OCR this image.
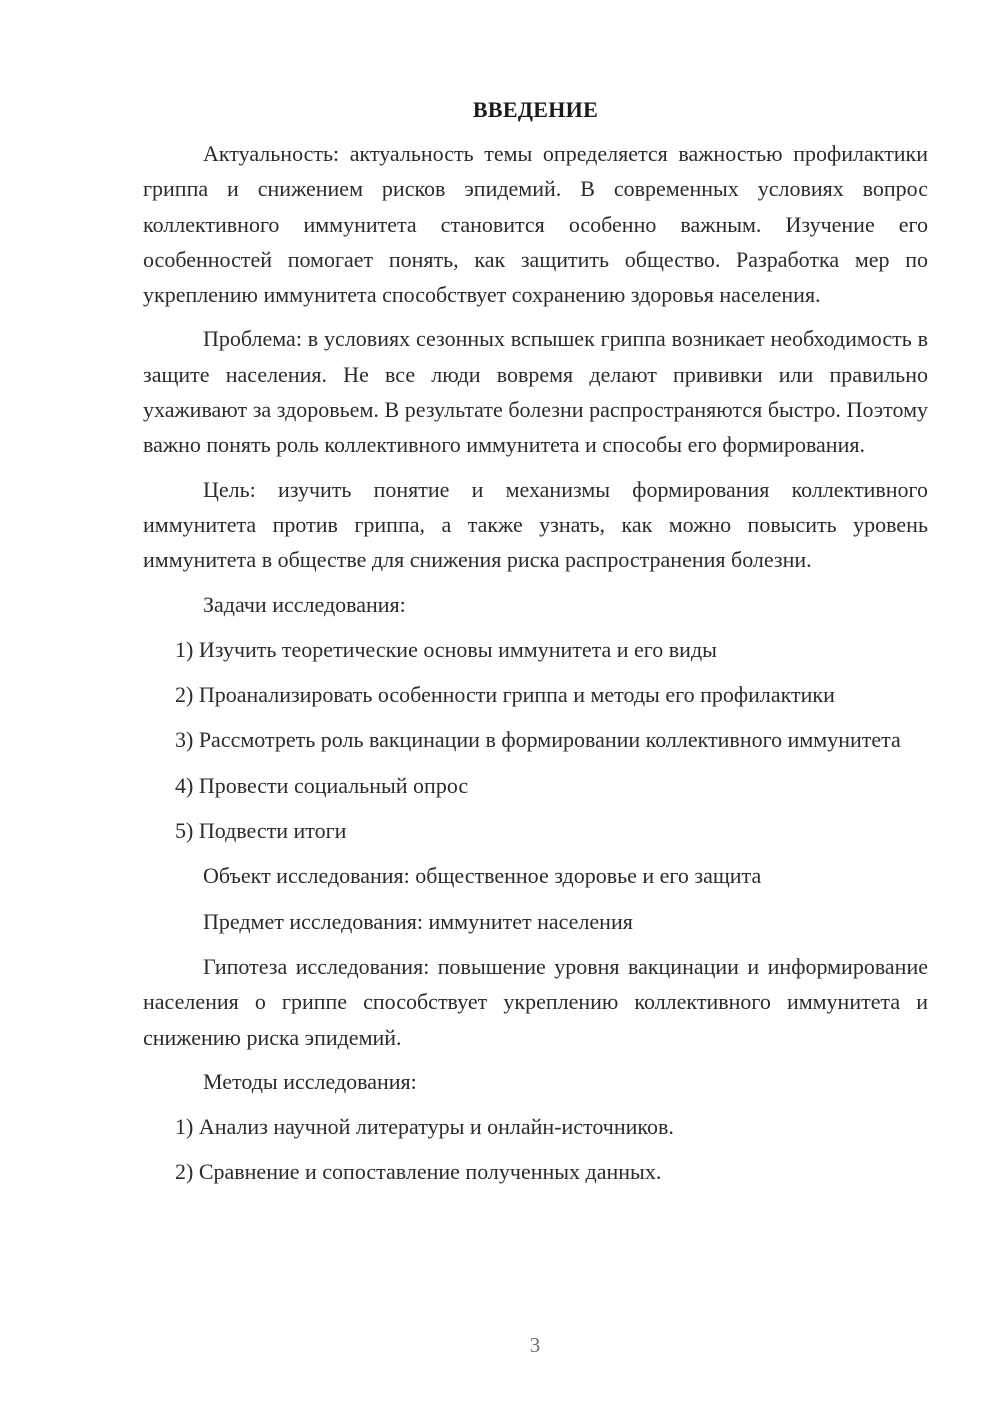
ВВЕДЕНИЕ

Актуальность: актуальность темы определяется важностью профилактики гриппа и снижением рисков эпидемий. В современных условиях вопрос коллективного иммунитета становится особенно важным. Изучение его особенностей помогает понять, как защитить общество. Разработка мер по укреплению иммунитета способствует сохранению здоровья населения.

Проблема: в условиях сезонных вспышек гриппа возникает необходимость в защите населения. Не все люди вовремя делают прививки или правильно ухаживают за здоровьем. В результате болезни распространяются быстро. Поэтому важно понять роль коллективного иммунитета и способы его формирования.

Цель: изучить понятие и механизмы формирования коллективного иммунитета против гриппа, а также узнать, как можно повысить уровень иммунитета в обществе для снижения риска распространения болезни.

Задачи исследования:

1) Изучить теоретические основы иммунитета и его виды

2) Проанализировать особенности гриппа и методы его профилактики

3) Рассмотреть роль вакцинации в формировании коллективного иммунитета

4) Провести социальный опрос

5) Подвести итоги

Объект исследования: общественное здоровье и его защита

Предмет исследования: иммунитет населения

Гипотеза исследования: повышение уровня вакцинации и информирование населения о гриппе способствует укреплению коллективного иммунитета и снижению риска эпидемий.

Методы исследования:

1) Анализ научной литературы и онлайн-источников.

2) Сравнение и сопоставление полученных данных.

3
